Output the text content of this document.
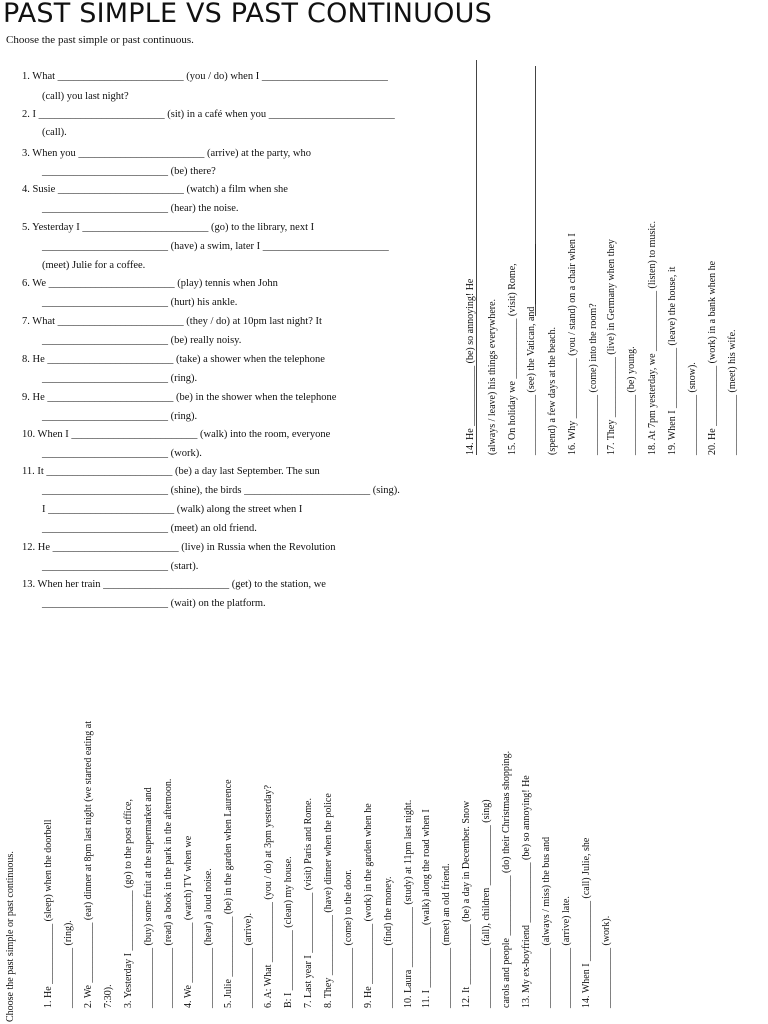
PAST SIMPLE VS PAST CONTINUOUS
Choose the past simple or past continuous.
1. What ________________________ (you / do) when I ________________________
(call) you last night?
2. I ________________________ (sit) in a café when you ________________________
(call).
3. When you ________________________ (arrive) at the party, who
________________________ (be) there?
4. Susie ________________________ (watch) a film when she
________________________ (hear) the noise.
5. Yesterday I ________________________ (go) to the library, next I
________________________ (have) a swim, later I ________________________
(meet) Julie for a coffee.
6. We ________________________ (play) tennis when John
________________________ (hurt) his ankle.
7. What ________________________ (they / do) at 10pm last night? It
________________________ (be) really noisy.
8. He ________________________ (take) a shower when the telephone
________________________ (ring).
9. He ________________________ (be) in the shower when the telephone
________________________ (ring).
10. When I ________________________ (walk) into the room, everyone
________________________ (work).
11. It ________________________ (be) a day last September. The sun
________________________ (shine), the birds ________________________ (sing).
I ________________________ (walk) along the street when I
________________________ (meet) an old friend.
12. He ________________________ (live) in Russia when the Revolution
________________________ (start).
13. When her train ________________________ (get) to the station, we
________________________ (wait) on the platform.
14. He ____________ (be) so annoying! He (always / leave) his things everywhere. 15. On holiday we ____________ (visit) Rome, ____________ (see) the Vatican, and ____________ (spend) a few days at the beach. 16. Why ____________ (you / stand) on a chair when I ____________ (come) into the room? 17. They ____________ (live) in Germany when they ____________ (be) young. 18. At 7pm yesterday, we ____________ (listen) to music. 19. When I ____________ (leave) the house, it ____________ (snow). 20. He ____________ (work) in a bank when he ____________ (meet) his wife.
Choose the past simple or past continuous.	1. He ____________ (sleep) when the doorbell ____________ (ring). 2. We ____________ (eat) dinner at 8pm last night (we started eating at 7:30). 3. Yesterday I ____________ (go) to the post office, ____________ (buy) some fruit at the supermarket and ____________ (read) a book in the park in the afternoon. 4. We ____________ (watch) TV when we ____________ (hear) a loud noise. 5. Julie ____________ (be) in the garden when Laurence ____________ (arrive). 6. A: What ____________ (you / do) at 3pm yesterday? B: I ____________ (clean) my house. 7. Last year I ____________ (visit) Paris and Rome. 8. They ____________ (have) dinner when the police ____________ (come) to the door. 9. He ____________ (work) in the garden when he ____________ (find) the money. 10. Laura ____________ (study) at 11pm last night. 11. I ____________ (walk) along the road when I ____________ (meet) an old friend. 12. It ____________ (be) a day in December. Snow ____________ (fall), children ____________ (sing) carols and people ____________ (do) their Christmas shopping. 13. My ex-boyfriend ____________ (be) so annoying! He ____________ (always / miss) the bus and ____________ (arrive) late. 14. When I ____________ (call) Julie, she ____________ (work).
